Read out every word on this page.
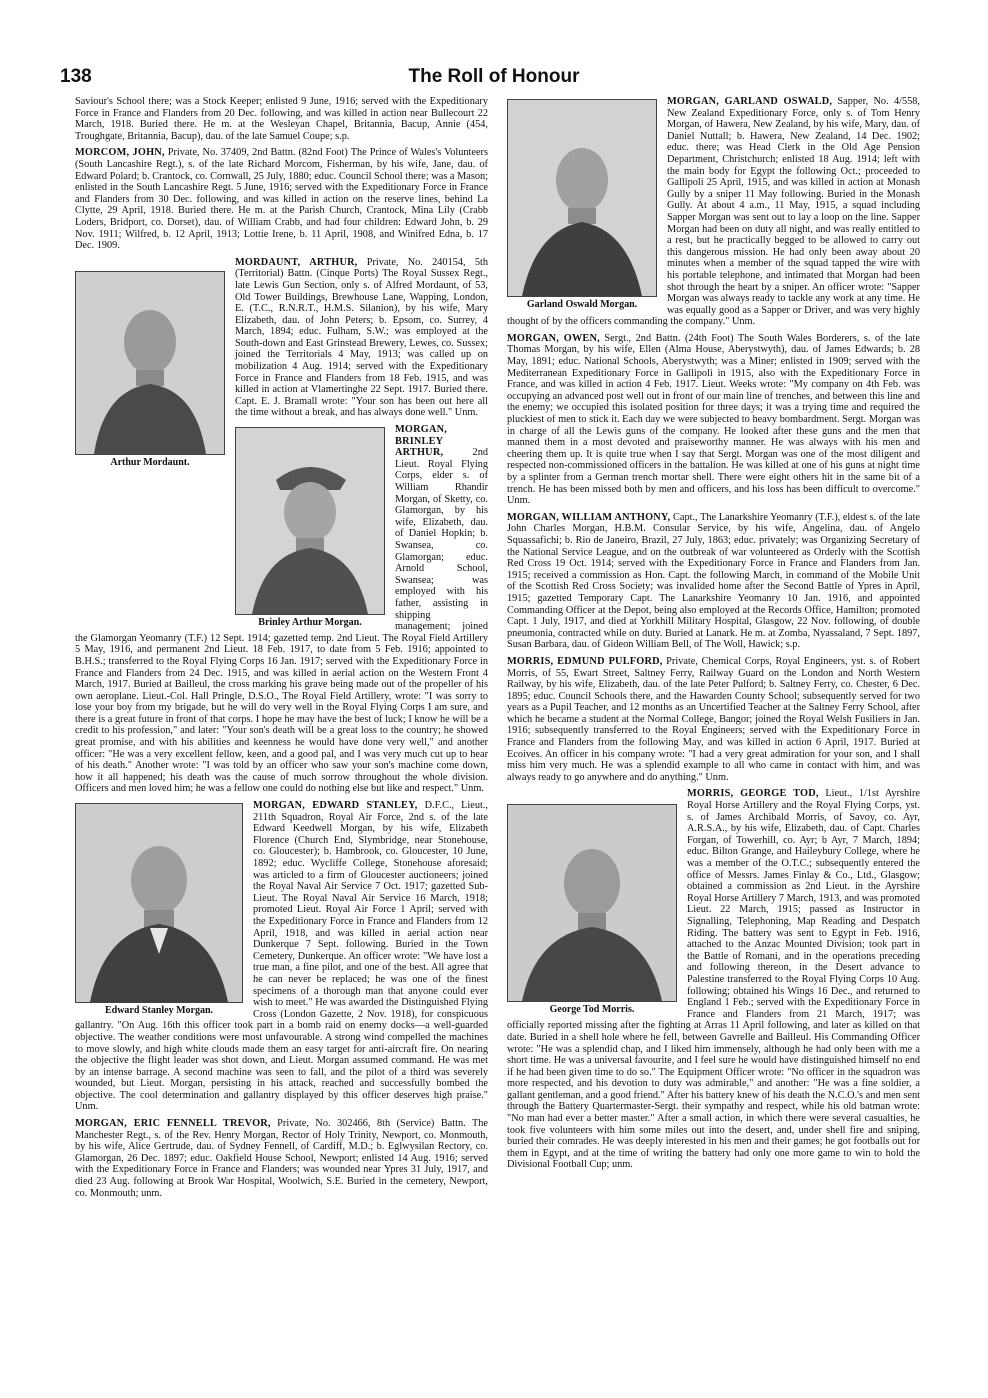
138	The Roll of Honour

Saviour's School there; was a Stock Keeper; enlisted 9 June, 1916; served with the Expeditionary Force in France and Flanders from 20 Dec. following, and was killed in action near Bullecourt 22 March, 1918. Buried there. He m. at the Wesleyan Chapel, Britannia, Bacup, Annie (454, Troughgate, Britannia, Bacup), dau. of the late Samuel Coupe; s.p.

MORCOM, JOHN, Private, No. 37409, 2nd Battn. (82nd Foot) The Prince of Wales's Volunteers (South Lancashire Regt.), s. of the late Richard Morcom, Fisherman, by his wife, Jane, dau. of Edward Polard; b. Crantock, co. Cornwall, 25 July, 1880; educ. Council School there; was a Mason; enlisted in the South Lancashire Regt. 5 June, 1916; served with the Expeditionary Force in France and Flanders from 30 Dec. following, and was killed in action on the reserve lines, behind La Clytte, 29 April, 1918. Buried there. He m. at the Parish Church, Crantock, Mina Lily (Crabb Loders, Bridport, co. Dorset), dau. of William Crabb, and had four children: Edward John, b. 29 Nov. 1911; Wilfred, b. 12 April, 1913; Lottie Irene, b. 11 April, 1908, and Winifred Edna, b. 17 Dec. 1909.

Arthur Mordaunt.

MORDAUNT, ARTHUR, Private, No. 240154, 5th (Territorial) Battn. (Cinque Ports) The Royal Sussex Regt., late Lewis Gun Section, only s. of Alfred Mordaunt, of 53, Old Tower Buildings, Brewhouse Lane, Wapping, London, E. (T.C., R.N.R.T., H.M.S. Silanion), by his wife, Mary Elizabeth, dau. of John Peters; b. Epsom, co. Surrey, 4 March, 1894; educ. Fulham, S.W.; was employed at the South-down and East Grinstead Brewery, Lewes, co. Sussex; joined the Territorials 4 May, 1913; was called up on mobilization 4 Aug. 1914; served with the Expeditionary Force in France and Flanders from 18 Feb. 1915, and was killed in action at Vlamertinghe 22 Sept. 1917. Buried there. Capt. E. J. Bramall wrote: "Your son has been out here all the time without a break, and has always done well." Unm.

Brinley Arthur Morgan.

MORGAN, BRINLEY ARTHUR, 2nd Lieut. Royal Flying Corps, elder s. of William Rhandir Morgan, of Sketty, co. Glamorgan, by his wife, Elizabeth, dau. of Daniel Hopkin; b. Swansea, co. Glamorgan; educ. Arnold School, Swansea; was employed with his father, assisting in shipping management; joined the Glamorgan Yeomanry (T.F.) 12 Sept. 1914; gazetted temp. 2nd Lieut. The Royal Field Artillery 5 May, 1916, and permanent 2nd Lieut. 18 Feb. 1917, to date from 5 Feb. 1916; appointed to B.H.S.; transferred to the Royal Flying Corps 16 Jan. 1917; served with the Expeditionary Force in France and Flanders from 24 Dec. 1915, and was killed in aerial action on the Western Front 4 March, 1917. Buried at Bailleul, the cross marking his grave being made out of the propeller of his own aeroplane. Lieut.-Col. Hall Pringle, D.S.O., The Royal Field Artillery, wrote: "I was sorry to lose your boy from my brigade, but he will do very well in the Royal Flying Corps I am sure, and there is a great future in front of that corps. I hope he may have the best of luck; I know he will be a credit to his profession," and later: "Your son's death will be a great loss to the country; he showed great promise, and with his abilities and keenness he would have done very well," and another officer: "He was a very excellent fellow, keen, and a good pal, and I was very much cut up to hear of his death." Another wrote: "I was told by an officer who saw your son's machine come down, how it all happened; his death was the cause of much sorrow throughout the whole division. Officers and men loved him; he was a fellow one could do nothing else but like and respect." Unm.

Edward Stanley Morgan.

MORGAN, EDWARD STANLEY, D.F.C., Lieut., 211th Squadron, Royal Air Force, 2nd s. of the late Edward Keedwell Morgan, by his wife, Elizabeth Florence (Church End, Slymbridge, near Stonehouse, co. Gloucester); b. Hambrook, co. Gloucester, 10 June, 1892; educ. Wycliffe College, Stonehouse aforesaid; was articled to a firm of Gloucester auctioneers; joined the Royal Naval Air Service 7 Oct. 1917; gazetted Sub-Lieut. The Royal Naval Air Service 16 March, 1918; promoted Lieut. Royal Air Force 1 April; served with the Expeditionary Force in France and Flanders from 12 April, 1918, and was killed in aerial action near Dunkerque 7 Sept. following. Buried in the Town Cemetery, Dunkerque. An officer wrote: "We have lost a true man, a fine pilot, and one of the best. All agree that he can never be replaced; he was one of the finest specimens of a thorough man that anyone could ever wish to meet." He was awarded the Distinguished Flying Cross (London Gazette, 2 Nov. 1918), for conspicuous gallantry. "On Aug. 16th this officer took part in a bomb raid on enemy docks—a well-guarded objective. The weather conditions were most unfavourable. A strong wind compelled the machines to move slowly, and high white clouds made them an easy target for anti-aircraft fire. On nearing the objective the flight leader was shot down, and Lieut. Morgan assumed command. He was met by an intense barrage. A second machine was seen to fall, and the pilot of a third was severely wounded, but Lieut. Morgan, persisting in his attack, reached and successfully bombed the objective. The cool determination and gallantry displayed by this officer deserves high praise." Unm.

MORGAN, ERIC FENNELL TREVOR, Private, No. 302466, 8th (Service) Battn. The Manchester Regt., s. of the Rev. Henry Morgan, Rector of Holy Trinity, Newport, co. Monmouth, by his wife, Alice Gertrude, dau. of Sydney Fennell, of Cardiff, M.D.; b. Eglwysilan Rectory, co. Glamorgan, 26 Dec. 1897; educ. Oakfield House School, Newport; enlisted 14 Aug. 1916; served with the Expeditionary Force in France and Flanders; was wounded near Ypres 31 July, 1917, and died 23 Aug. following at Brook War Hospital, Woolwich, S.E. Buried in the cemetery, Newport, co. Monmouth; unm.

Garland Oswald Morgan.

MORGAN, GARLAND OSWALD, Sapper, No. 4/558, New Zealand Expeditionary Force, only s. of Tom Henry Morgan, of Hawera, New Zealand, by his wife, Mary, dau. of Daniel Nuttall; b. Hawera, New Zealand, 14 Dec. 1902; educ. there; was Head Clerk in the Old Age Pension Department, Christchurch; enlisted 18 Aug. 1914; left with the main body for Egypt the following Oct.; proceeded to Gallipoli 25 April, 1915, and was killed in action at Monash Gully by a sniper 11 May following. Buried in the Monash Gully. At about 4 a.m., 11 May, 1915, a squad including Sapper Morgan was sent out to lay a loop on the line. Sapper Morgan had been on duty all night, and was really entitled to a rest, but he practically begged to be allowed to carry out this dangerous mission. He had only been away about 20 minutes when a member of the squad tapped the wire with his portable telephone, and intimated that Morgan had been shot through the heart by a sniper. An officer wrote: "Sapper Morgan was always ready to tackle any work at any time. He was equally good as a Sapper or Driver, and was very highly thought of by the officers commanding the company." Unm.

MORGAN, OWEN, Sergt., 2nd Battn. (24th Foot) The South Wales Borderers, s. of the late Thomas Morgan, by his wife, Ellen (Alma House, Aberystwyth), dau. of James Edwards; b. 28 May, 1891; educ. National Schools, Aberystwyth; was a Miner; enlisted in 1909; served with the Mediterranean Expeditionary Force in Gallipoli in 1915, also with the Expeditionary Force in France, and was killed in action 4 Feb. 1917. Lieut. Weeks wrote: "My company on 4th Feb. was occupying an advanced post well out in front of our main line of trenches, and between this line and the enemy; we occupied this isolated position for three days; it was a trying time and required the pluckiest of men to stick it. Each day we were subjected to heavy bombardment. Sergt. Morgan was in charge of all the Lewis guns of the company. He looked after these guns and the men that manned them in a most devoted and praiseworthy manner. He was always with his men and cheering them up. It is quite true when I say that Sergt. Morgan was one of the most diligent and respected non-commissioned officers in the battalion. He was killed at one of his guns at night time by a splinter from a German trench mortar shell. There were eight others hit in the same bit of a trench. He has been missed both by men and officers, and his loss has been difficult to overcome." Unm.

MORGAN, WILLIAM ANTHONY, Capt., The Lanarkshire Yeomanry (T.F.), eldest s. of the late John Charles Morgan, H.B.M. Consular Service, by his wife, Angelina, dau. of Angelo Squassafichi; b. Rio de Janeiro, Brazil, 27 July, 1863; educ. privately; was Organizing Secretary of the National Service League, and on the outbreak of war volunteered as Orderly with the Scottish Red Cross 19 Oct. 1914; served with the Expeditionary Force in France and Flanders from Jan. 1915; received a commission as Hon. Capt. the following March, in command of the Mobile Unit of the Scottish Red Cross Society; was invalided home after the Second Battle of Ypres in April, 1915; gazetted Temporary Capt. The Lanarkshire Yeomanry 10 Jan. 1916, and appointed Commanding Officer at the Depot, being also employed at the Records Office, Hamilton; promoted Capt. 1 July, 1917, and died at Yorkhill Military Hospital, Glasgow, 22 Nov. following, of double pneumonia, contracted while on duty. Buried at Lanark. He m. at Zomba, Nyassaland, 7 Sept. 1897, Susan Barbara, dau. of Gideon William Bell, of The Woll, Hawick; s.p.

MORRIS, EDMUND PULFORD, Private, Chemical Corps, Royal Engineers, yst. s. of Robert Morris, of 55, Ewart Street, Saltney Ferry, Railway Guard on the London and North Western Railway, by his wife, Elizabeth, dau. of the late Peter Pulford; b. Saltney Ferry, co. Chester, 6 Dec. 1895; educ. Council Schools there, and the Hawarden County School; subsequently served for two years as a Pupil Teacher, and 12 months as an Uncertified Teacher at the Saltney Ferry School, after which he became a student at the Normal College, Bangor; joined the Royal Welsh Fusiliers in Jan. 1916; subsequently transferred to the Royal Engineers; served with the Expeditionary Force in France and Flanders from the following May, and was killed in action 6 April, 1917. Buried at Ecoives. An officer in his company wrote: "I had a very great admiration for your son, and I shall miss him very much. He was a splendid example to all who came in contact with him, and was always ready to go anywhere and do anything." Unm.

George Tod Morris.

MORRIS, GEORGE TOD, Lieut., 1/1st Ayrshire Royal Horse Artillery and the Royal Flying Corps, yst. s. of James Archibald Morris, of Savoy, co. Ayr, A.R.S.A., by his wife, Elizabeth, dau. of Capt. Charles Forgan, of Towerhill, co. Ayr; b Ayr, 7 March, 1894; educ. Bilton Grange, and Haileybury College, where he was a member of the O.T.C.; subsequently entered the office of Messrs. James Finlay & Co., Ltd., Glasgow; obtained a commission as 2nd Lieut. in the Ayrshire Royal Horse Artillery 7 March, 1913, and was promoted Lieut. 22 March, 1915; passed as Instructor in Signalling, Telephoning, Map Reading and Despatch Riding. The battery was sent to Egypt in Feb. 1916, attached to the Anzac Mounted Division; took part in the Battle of Romani, and in the operations preceding and following thereon, in the Desert advance to Palestine transferred to the Royal Flying Corps 10 Aug. following; obtained his Wings 16 Dec., and returned to England 1 Feb.; served with the Expeditionary Force in France and Flanders from 21 March, 1917; was officially reported missing after the fighting at Arras 11 April following, and later as killed on that date. Buried in a shell hole where he fell, between Gavrelle and Bailleul. His Commanding Officer wrote: "He was a splendid chap, and I liked him immensely, although he had only been with me a short time. He was a universal favourite, and I feel sure he would have distinguished himself no end if he had been given time to do so." The Equipment Officer wrote: "No officer in the squadron was more respected, and his devotion to duty was admirable," and another: "He was a fine soldier, a gallant gentleman, and a good friend." After his battery knew of his death the N.C.O.'s and men sent through the Battery Quartermaster-Sergt. their sympathy and respect, while his old batman wrote: "No man had ever a better master." After a small action, in which there were several casualties, he took five volunteers with him some miles out into the desert, and, under shell fire and sniping, buried their comrades. He was deeply interested in his men and their games; he got footballs out for them in Egypt, and at the time of writing the battery had only one more game to win to hold the Divisional Football Cup; unm.
